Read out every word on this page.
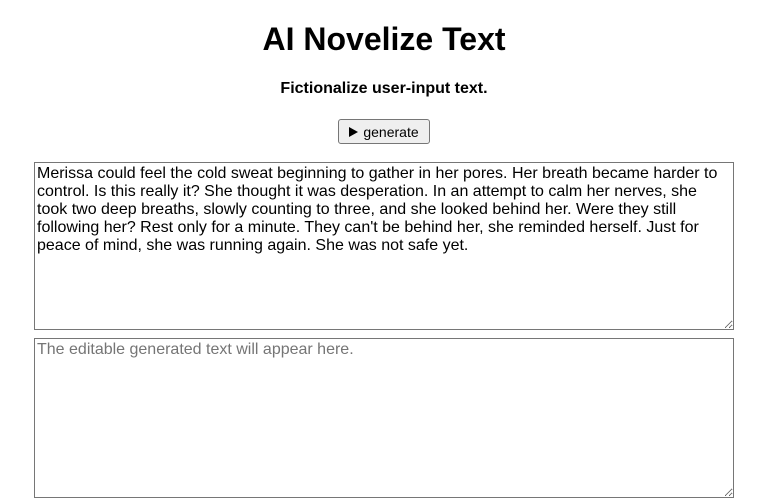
AI Novelize Text
Fictionalize user-input text.
generate
Merissa could feel the cold sweat beginning to gather in her pores. Her breath became harder to control. Is this really it? She thought it was desperation. In an attempt to calm her nerves, she took two deep breaths, slowly counting to three, and she looked behind her. Were they still following her? Rest only for a minute. They can't be behind her, she reminded herself. Just for peace of mind, she was running again. She was not safe yet.
The editable generated text will appear here.
